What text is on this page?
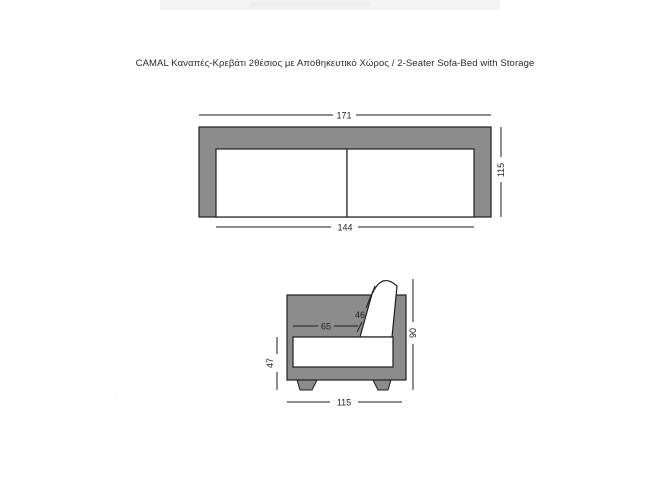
CAMAL Καναπές-Κρεβάτι 2θέσιος με Αποθηκευτικό Χώρος / 2-Seater Sofa-Bed with Storage
171
115
144
65
46
90
47
115
